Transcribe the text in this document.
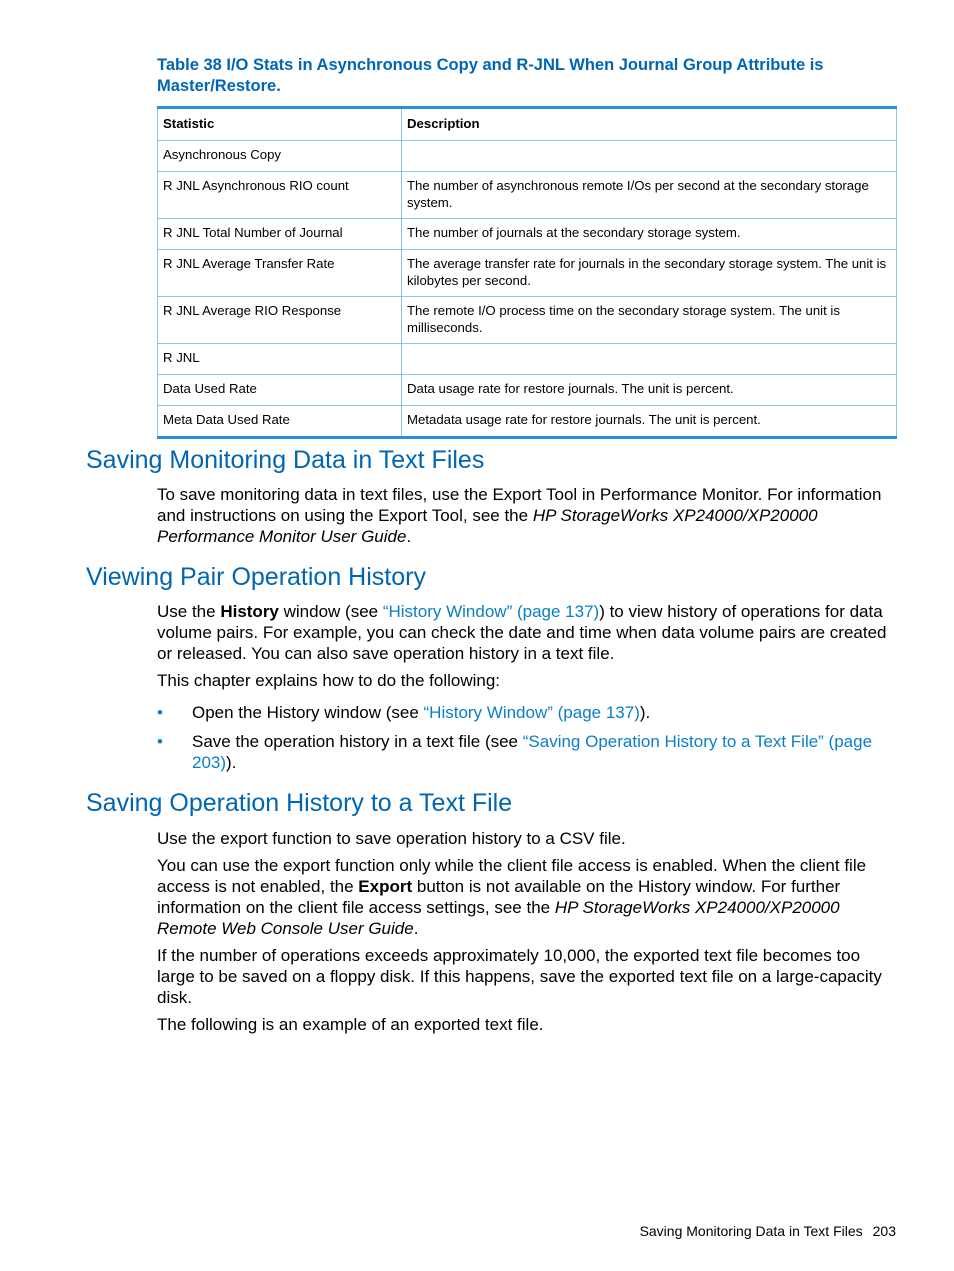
Table 38 I/O Stats in Asynchronous Copy and R-JNL When Journal Group Attribute is Master/Restore.
Statistic	Description
Asynchronous Copy	
R JNL Asynchronous RIO count	The number of asynchronous remote I/Os per second at the secondary storage system.
R JNL Total Number of Journal	The number of journals at the secondary storage system.
R JNL Average Transfer Rate	The average transfer rate for journals in the secondary storage system. The unit is kilobytes per second.
R JNL Average RIO Response	The remote I/O process time on the secondary storage system. The unit is milliseconds.
R JNL	
Data Used Rate	Data usage rate for restore journals. The unit is percent.
Meta Data Used Rate	Metadata usage rate for restore journals. The unit is percent.
Saving Monitoring Data in Text Files

To save monitoring data in text files, use the Export Tool in Performance Monitor. For information and instructions on using the Export Tool, see the HP StorageWorks XP24000/XP20000 Performance Monitor User Guide.

Viewing Pair Operation History

Use the History window (see “History Window” (page 137)) to view history of operations for data volume pairs. For example, you can check the date and time when data volume pairs are created or released. You can also save operation history in a text file.

This chapter explains how to do the following:

• Open the History window (see “History Window” (page 137)).
• Save the operation history in a text file (see “Saving Operation History to a Text File” (page 203)).
Saving Operation History to a Text File

Use the export function to save operation history to a CSV file.

You can use the export function only while the client file access is enabled. When the client file access is not enabled, the Export button is not available on the History window. For further information on the client file access settings, see the HP StorageWorks XP24000/XP20000 Remote Web Console User Guide.

If the number of operations exceeds approximately 10,000, the exported text file becomes too large to be saved on a floppy disk. If this happens, save the exported text file on a large-capacity disk.

The following is an example of an exported text file.

Saving Monitoring Data in Text Files 203
